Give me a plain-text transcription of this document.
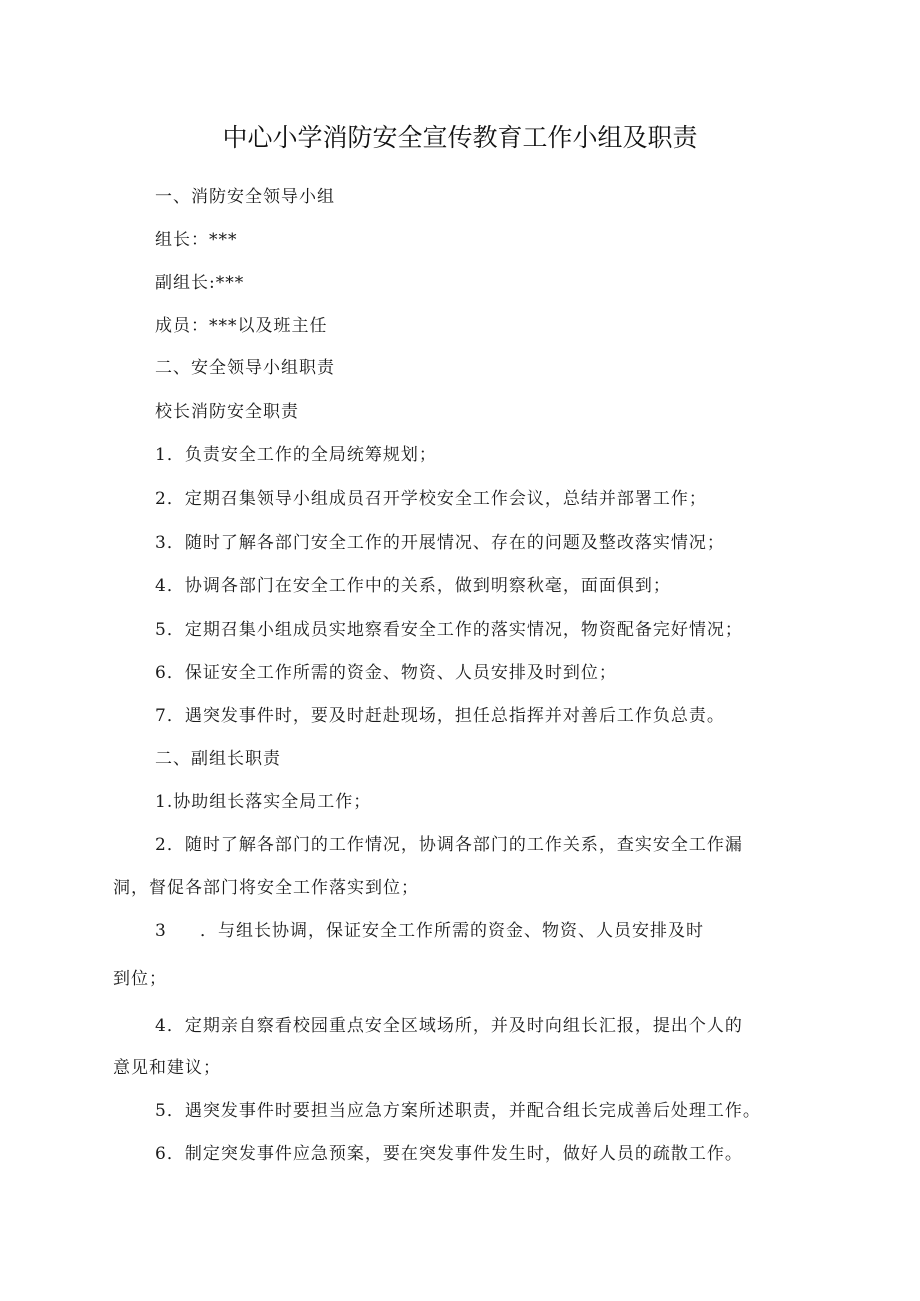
中心小学消防安全宣传教育工作小组及职责
一、消防安全领导小组
组长：***
副组长:***
成员：***以及班主任
二、安全领导小组职责
校长消防安全职责
1．负责安全工作的全局统筹规划；
2．定期召集领导小组成员召开学校安全工作会议，总结并部署工作；
3．随时了解各部门安全工作的开展情况、存在的问题及整改落实情况；
4．协调各部门在安全工作中的关系，做到明察秋毫，面面俱到；
5．定期召集小组成员实地察看安全工作的落实情况，物资配备完好情况；
6．保证安全工作所需的资金、物资、人员安排及时到位；
7．遇突发事件时，要及时赶赴现场，担任总指挥并对善后工作负总责。
二、副组长职责
1.协助组长落实全局工作；
2．随时了解各部门的工作情况，协调各部门的工作关系，查实安全工作漏
洞，督促各部门将安全工作落实到位；
3 ．与组长协调，保证安全工作所需的资金、物资、人员安排及时
到位；
4．定期亲自察看校园重点安全区域场所，并及时向组长汇报，提出个人的
意见和建议；
5．遇突发事件时要担当应急方案所述职责，并配合组长完成善后处理工作。
6．制定突发事件应急预案，要在突发事件发生时，做好人员的疏散工作。
